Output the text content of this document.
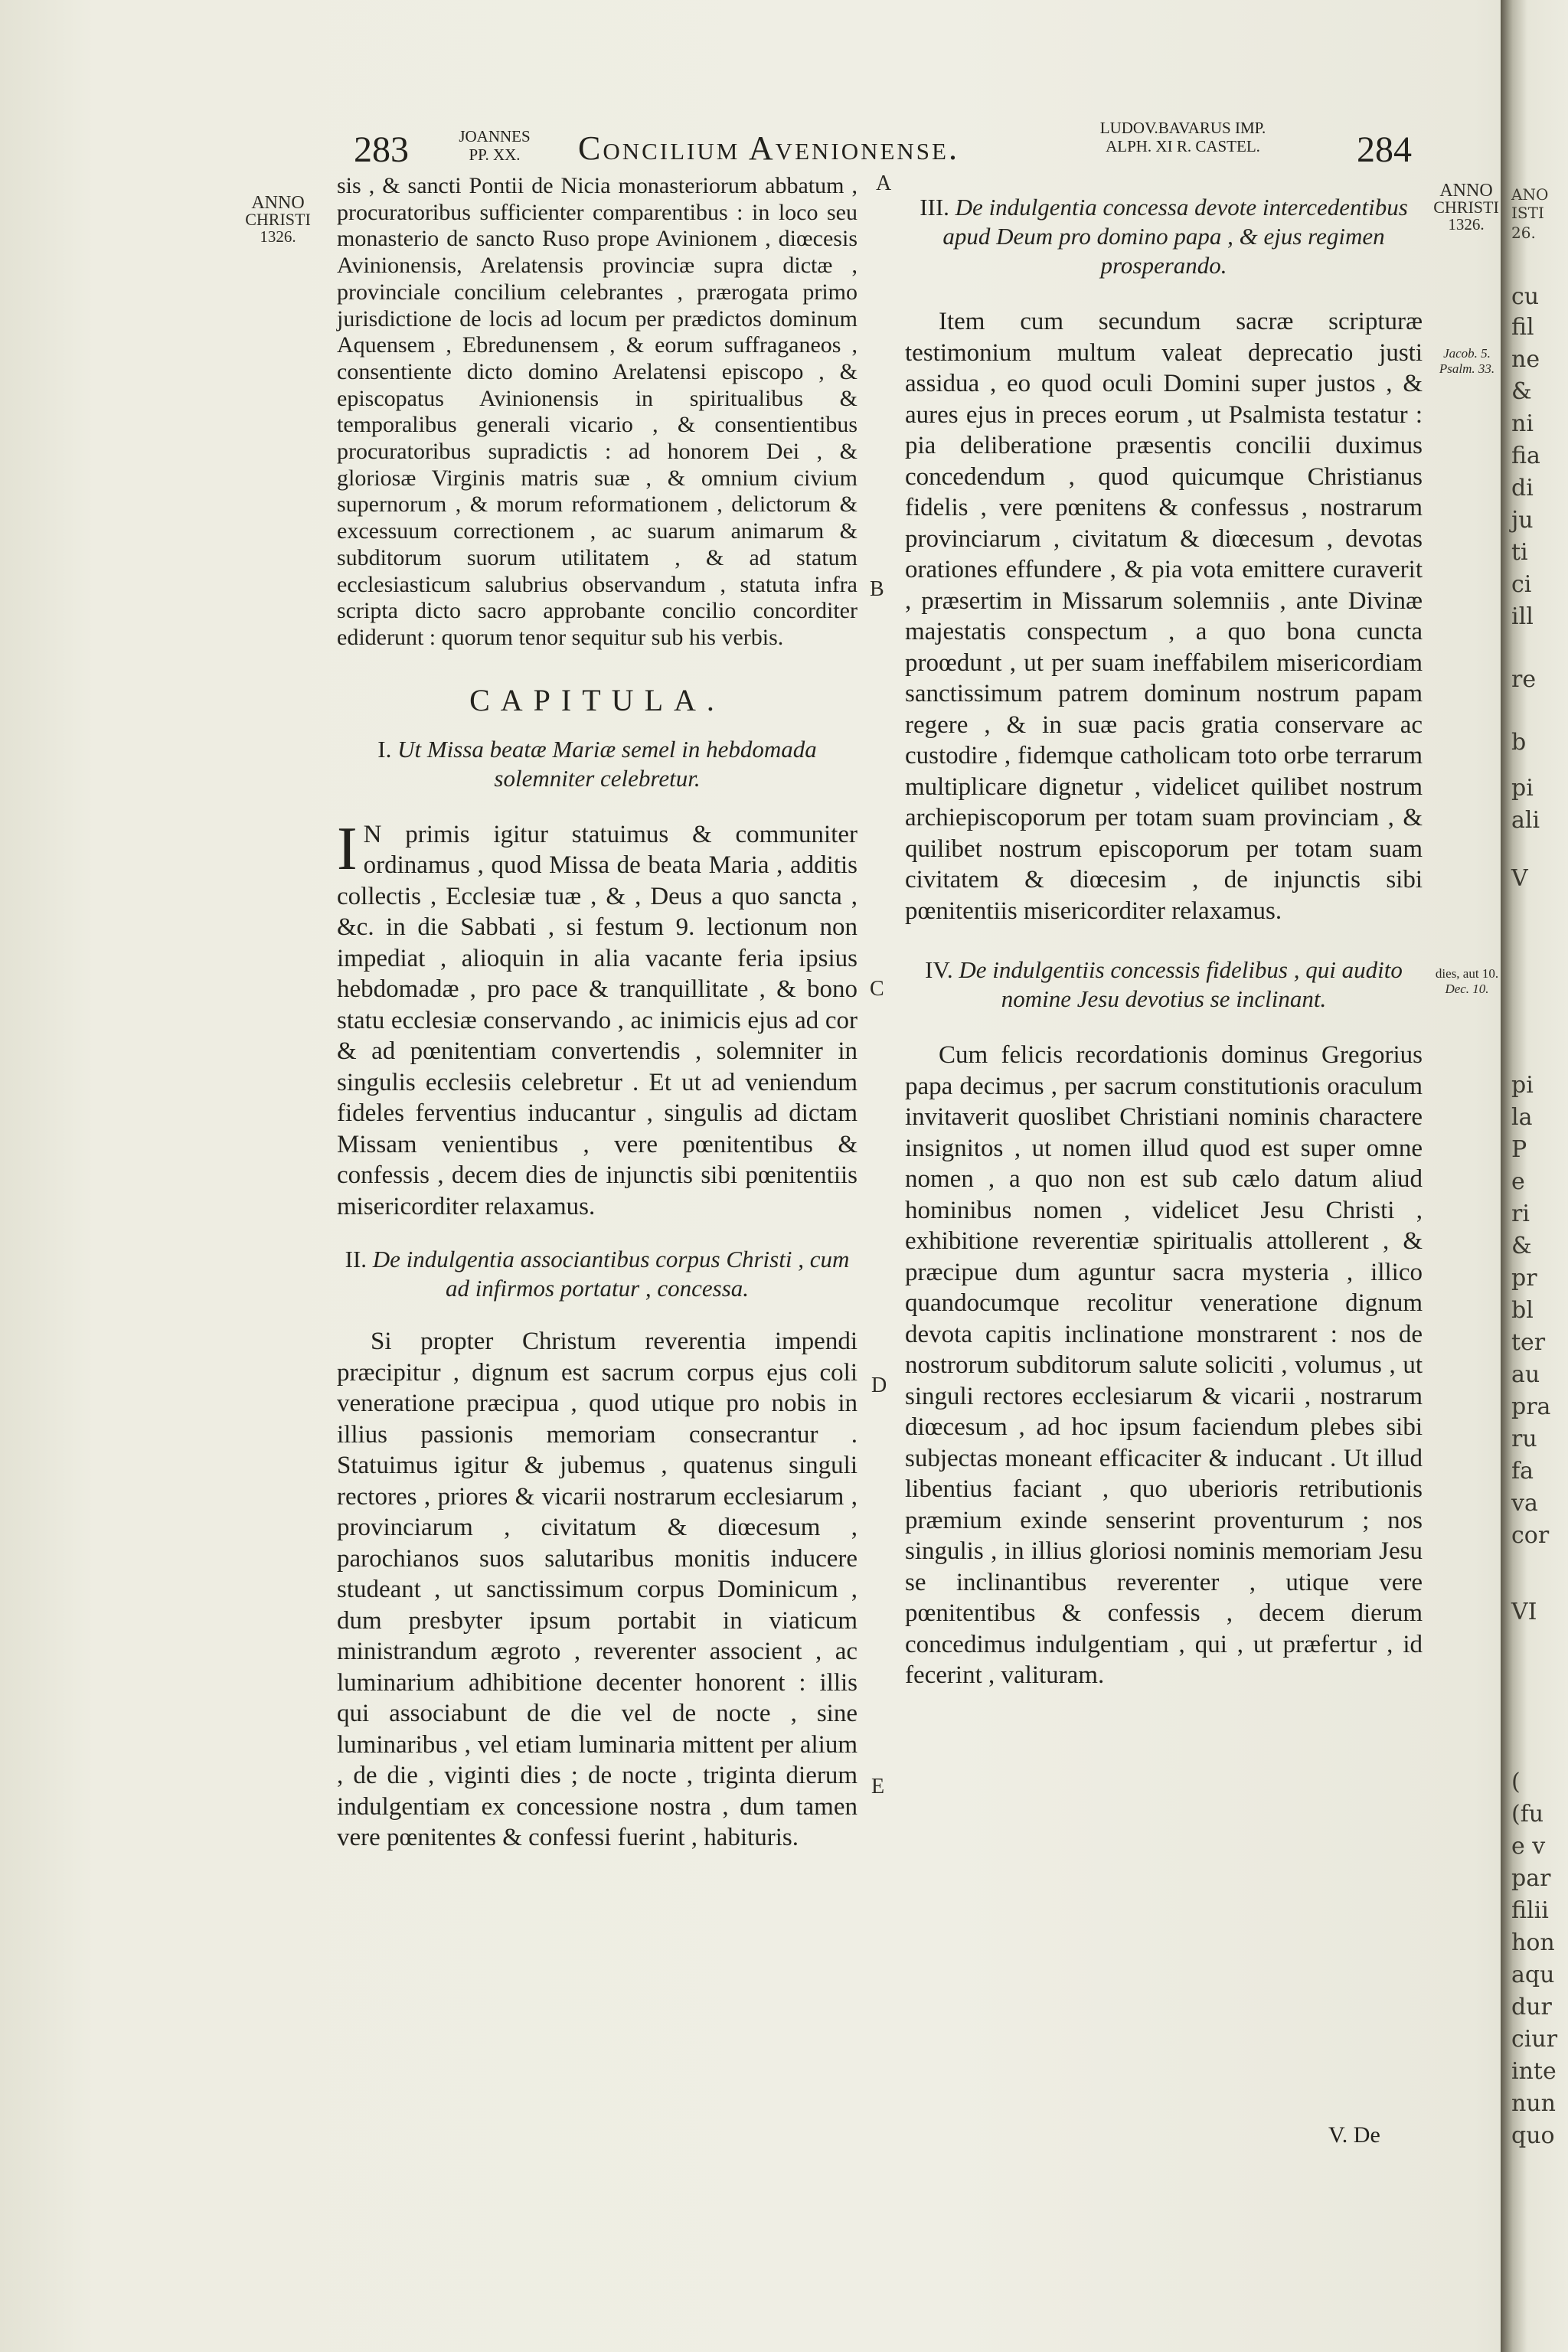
283	JOANNES
PP. XX.	Concilium Avenionense.
LUDOV.BAVARUS IMP.
ALPH. XI R. CASTEL.	284
ANNO
CHRISTI
1326.
ANNO
CHRISTI
1326.
Jacob. 5.
Psalm. 33.
dies, aut 10.
Dec. 10.
A
B
C
D
E

sis , & sancti Pontii de Nicia monasteriorum abbatum , procuratoribus sufficienter comparentibus : in loco seu monasterio de sancto Ruso prope Avinionem , diœcesis Avinionensis, Arelatensis provinciæ supra dictæ , provinciale concilium celebrantes , prærogata primo jurisdictione de locis ad locum per prædictos dominum Aquensem , Ebredunensem , & eorum suffraganeos , consentiente dicto domino Arelatensi episcopo , & episcopatus Avinionensis in spiritualibus & temporalibus generali vicario , & consentientibus procuratoribus supradictis : ad honorem Dei , & gloriosæ Virginis matris suæ , & omnium civium supernorum , & morum reformationem , delictorum & excessuum correctionem , ac suarum animarum & subditorum suorum utilitatem , & ad statum ecclesiasticum salubrius observandum , statuta infra scripta dicto sacro approbante concilio concorditer ediderunt : quorum tenor sequitur sub his verbis.

CAPITULA.
I. Ut Missa beatæ Mariæ semel in hebdomada solemniter celebretur.

I N primis igitur statuimus & communiter ordinamus , quod Missa de beata Maria , additis collectis , Ecclesiæ tuæ , & , Deus a quo sancta , &c. in die Sabbati , si festum 9. lectionum non impediat , alioquin in alia vacante feria ipsius hebdomadæ , pro pace & tranquillitate , & bono statu ecclesiæ conservando , ac inimicis ejus ad cor & ad pœnitentiam convertendis , solemniter in singulis ecclesiis celebretur . Et ut ad veniendum fideles ferventius inducantur , singulis ad dictam Missam venientibus , vere pœnitentibus & confessis , decem dies de injunctis sibi pœnitentiis misericorditer relaxamus.

II. De indulgentia associantibus corpus Christi , cum ad infirmos portatur , concessa.

Si propter Christum reverentia impendi præcipitur , dignum est sacrum corpus ejus coli veneratione præcipua , quod utique pro nobis in illius passionis memoriam consecrantur . Statuimus igitur & jubemus , quatenus singuli rectores , priores & vicarii nostrarum ecclesiarum , provinciarum , civitatum & diœcesum , parochianos suos salutaribus monitis inducere studeant , ut sanctissimum corpus Dominicum , dum presbyter ipsum portabit in viaticum ministrandum ægroto , reverenter associent , ac luminarium adhibitione decenter honorent : illis qui associabunt de die vel de nocte , sine luminaribus , vel etiam luminaria mittent per alium , de die , viginti dies ; de nocte , triginta dierum indulgentiam ex concessione nostra , dum tamen vere pœnitentes & confessi fuerint , habituris.

III. De indulgentia concessa devote intercedentibus apud Deum pro domino papa , & ejus regimen prosperando.

Item cum secundum sacræ scripturæ testimonium multum valeat deprecatio justi assidua , eo quod oculi Domini super justos , & aures ejus in preces eorum , ut Psalmista testatur : pia deliberatione præsentis concilii duximus concedendum , quod quicumque Christianus fidelis , vere pœnitens & confessus , nostrarum provinciarum , civitatum & diœcesum , devotas orationes effundere , & pia vota emittere curaverit , præsertim in Missarum solemniis , ante Divinæ majestatis conspectum , a quo bona cuncta proœdunt , ut per suam ineffabilem misericordiam sanctissimum patrem dominum nostrum papam regere , & in suæ pacis gratia conservare ac custodire , fidemque catholicam toto orbe terrarum multiplicare dignetur , videlicet quilibet nostrum archiepiscoporum per totam suam provinciam , & quilibet nostrum episcoporum per totam suam civitatem & diœcesim , de injunctis sibi pœnitentiis misericorditer relaxamus.

IV. De indulgentiis concessis fidelibus , qui audito nomine Jesu devotius se inclinant.

Cum felicis recordationis dominus Gregorius papa decimus , per sacrum constitutionis oraculum invitaverit quoslibet Christiani nominis charactere insignitos , ut nomen illud quod est super omne nomen , a quo non est sub cælo datum aliud hominibus nomen , videlicet Jesu Christi , exhibitione reverentiæ spiritualis attollerent , & præcipue dum aguntur sacra mysteria , illico quandocumque recolitur veneratione dignum devota capitis inclinatione monstrarent : nos de nostrorum subditorum salute soliciti , volumus , ut singuli rectores ecclesiarum & vicarii , nostrarum diœcesum , ad hoc ipsum faciendum plebes sibi subjectas moneant efficaciter & inducant . Ut illud libentius faciant , quo uberioris retributionis præmium exinde senserint proventurum ; nos singulis , in illius gloriosi nominis memoriam Jesu se inclinantibus reverenter , utique vere pœnitentibus & confessis , decem dierum concedimus indulgentiam , qui , ut præfertur , id fecerint , valituram.

V. De
ANO
ISTI
26.
cu
fil
ne
&
ni
fia
di
ju
ti
ci
ill
re
b
pi
ali
V
pi
la
P
e
ri
&
pr
bl
ter
au
pra
ru
fa
va
cor
VI
(
(fu
e v
par
filii
hon
aqu
dur
ciur
inte
nun
quo
